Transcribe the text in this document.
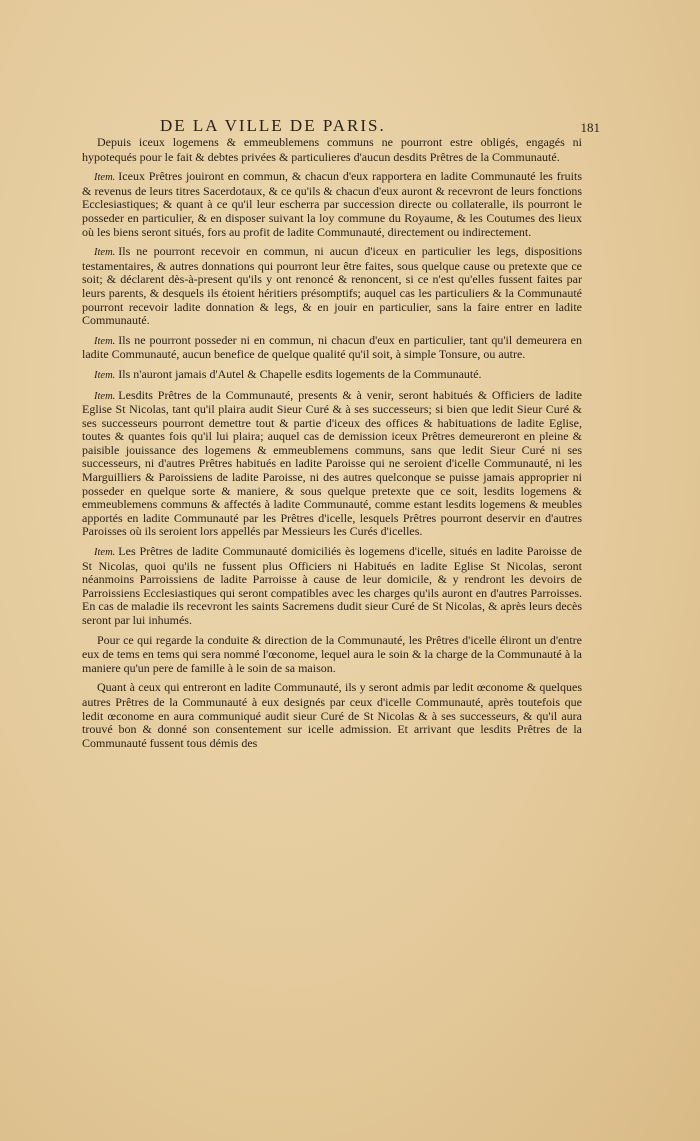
DE LA VILLE DE PARIS.	181

Depuis iceux logemens & emmeublemens communs ne pourront estre obligés, engagés ni hypotequés pour le fait & debtes privées & particulieres d'aucun desdits Prêtres de la Communauté.

Item. Iceux Prêtres jouiront en commun, & chacun d'eux rapportera en ladite Communauté les fruits & revenus de leurs titres Sacerdotaux, & ce qu'ils & chacun d'eux auront & recevront de leurs fonctions Ecclesiastiques; & quant à ce qu'il leur escherra par succession directe ou collateralle, ils pourront le posseder en particulier, & en disposer suivant la loy commune du Royaume, & les Coutumes des lieux où les biens seront situés, fors au profit de ladite Communauté, directement ou indirectement.

Item. Ils ne pourront recevoir en commun, ni aucun d'iceux en particulier les legs, dispositions testamentaires, & autres donnations qui pourront leur être faites, sous quelque cause ou pretexte que ce soit; & déclarent dès-à-present qu'ils y ont renoncé & renoncent, si ce n'est qu'elles fussent faites par leurs parents, & desquels ils étoient héritiers présomptifs; auquel cas les particuliers & la Communauté pourront recevoir ladite donnation & legs, & en jouir en particulier, sans la faire entrer en ladite Communauté.

Item. Ils ne pourront posseder ni en commun, ni chacun d'eux en particulier, tant qu'il demeurera en ladite Communauté, aucun benefice de quelque qualité qu'il soit, à simple Tonsure, ou autre.

Item. Ils n'auront jamais d'Autel & Chapelle esdits logements de la Communauté.

Item. Lesdits Prêtres de la Communauté, presents & à venir, seront habitués & Officiers de ladite Eglise St Nicolas, tant qu'il plaira audit Sieur Curé & à ses successeurs; si bien que ledit Sieur Curé & ses successeurs pourront demettre tout & partie d'iceux des offices & habituations de ladite Eglise, toutes & quantes fois qu'il lui plaira; auquel cas de demission iceux Prêtres demeureront en pleine & paisible jouissance des logemens & emmeublemens communs, sans que ledit Sieur Curé ni ses successeurs, ni d'autres Prêtres habitués en ladite Paroisse qui ne seroient d'icelle Communauté, ni les Marguilliers & Paroissiens de ladite Paroisse, ni des autres quelconque se puisse jamais approprier ni posseder en quelque sorte & maniere, & sous quelque pretexte que ce soit, lesdits logemens & emmeublemens communs & affectés à ladite Communauté, comme estant lesdits logemens & meubles apportés en ladite Communauté par les Prêtres d'icelle, lesquels Prêtres pourront deservir en d'autres Paroisses où ils seroient lors appellés par Messieurs les Curés d'icelles.

Item. Les Prêtres de ladite Communauté domiciliés ès logemens d'icelle, situés en ladite Paroisse de St Nicolas, quoi qu'ils ne fussent plus Officiers ni Habitués en ladite Eglise St Nicolas, seront néanmoins Parroissiens de ladite Parroisse à cause de leur domicile, & y rendront les devoirs de Parroissiens Ecclesiastiques qui seront compatibles avec les charges qu'ils auront en d'autres Parroisses. En cas de maladie ils recevront les saints Sacremens dudit sieur Curé de St Nicolas, & après leurs decès seront par lui inhumés.

Pour ce qui regarde la conduite & direction de la Communauté, les Prêtres d'icelle éliront un d'entre eux de tems en tems qui sera nommé l'œconome, lequel aura le soin & la charge de la Communauté à la maniere qu'un pere de famille à le soin de sa maison.

Quant à ceux qui entreront en ladite Communauté, ils y seront admis par ledit œconome & quelques autres Prêtres de la Communauté à eux designés par ceux d'icelle Communauté, après toutefois que ledit œconome en aura communiqué audit sieur Curé de St Nicolas & à ses successeurs, & qu'il aura trouvé bon & donné son consentement sur icelle admission. Et arrivant que lesdits Prêtres de la Communauté fussent tous démis des
